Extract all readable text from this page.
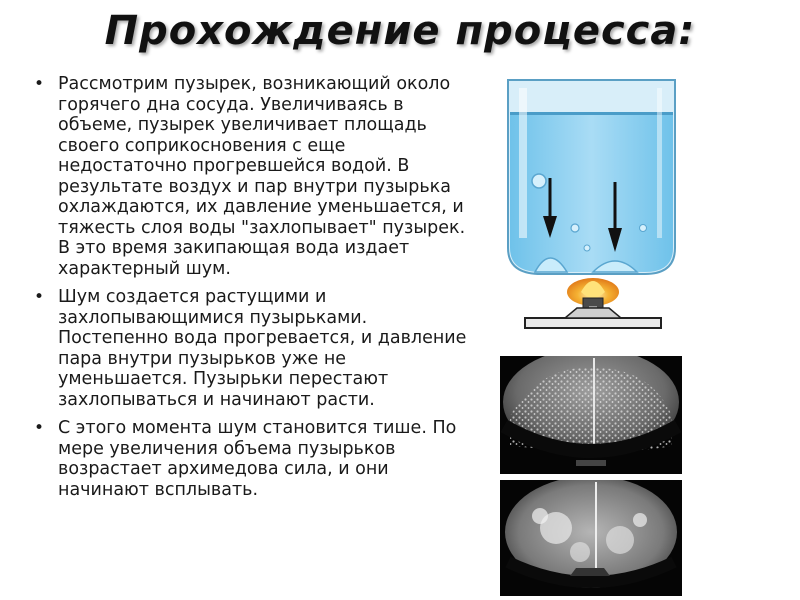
Прохождение процесса:
• Рассмотрим пузырек, возникающий около горячего дна сосуда. Увеличиваясь в объеме, пузырек увеличивает площадь своего соприкосновения с еще недостаточно прогревшейся водой. В результате воздух и пар внутри пузырька охлаждаются, их давление уменьшается, и тяжесть слоя воды "захлопывает" пузырек. В это время закипающая вода издает характерный шум.
• Шум создается растущими и захлопывающимися пузырьками. Постепенно вода прогревается, и давление пара внутри пузырьков уже не уменьшается. Пузырьки перестают захлопываться и начинают расти.
• С этого момента шум становится тише. По мере увеличения объема пузырьков возрастает архимедова сила, и они начинают всплывать.
